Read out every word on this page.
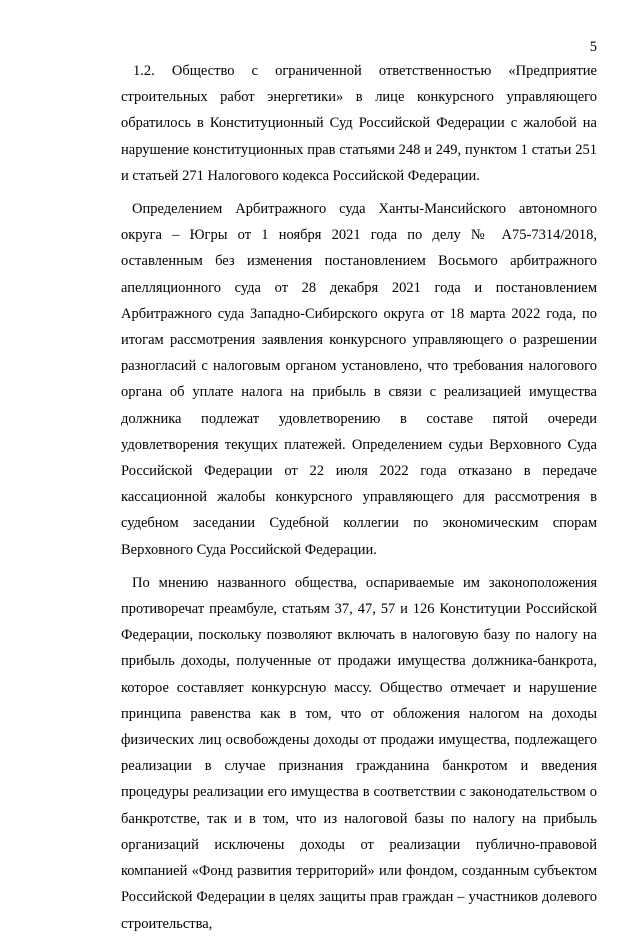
5

1.2. Общество с ограниченной ответственностью «Предприятие строительных работ энергетики» в лице конкурсного управляющего обратилось в Конституционный Суд Российской Федерации с жалобой на нарушение конституционных прав статьями 248 и 249, пунктом 1 статьи 251 и статьей 271 Налогового кодекса Российской Федерации.

Определением Арбитражного суда Ханты-Мансийского автономного округа – Югры от 1 ноября 2021 года по делу № А75-7314/2018, оставленным без изменения постановлением Восьмого арбитражного апелляционного суда от 28 декабря 2021 года и постановлением Арбитражного суда Западно-Сибирского округа от 18 марта 2022 года, по итогам рассмотрения заявления конкурсного управляющего о разрешении разногласий с налоговым органом установлено, что требования налогового органа об уплате налога на прибыль в связи с реализацией имущества должника подлежат удовлетворению в составе пятой очереди удовлетворения текущих платежей. Определением судьи Верховного Суда Российской Федерации от 22 июля 2022 года отказано в передаче кассационной жалобы конкурсного управляющего для рассмотрения в судебном заседании Судебной коллегии по экономическим спорам Верховного Суда Российской Федерации.

По мнению названного общества, оспариваемые им законоположения противоречат преамбуле, статьям 37, 47, 57 и 126 Конституции Российской Федерации, поскольку позволяют включать в налоговую базу по налогу на прибыль доходы, полученные от продажи имущества должника-банкрота, которое составляет конкурсную массу. Общество отмечает и нарушение принципа равенства как в том, что от обложения налогом на доходы физических лиц освобождены доходы от продажи имущества, подлежащего реализации в случае признания гражданина банкротом и введения процедуры реализации его имущества в соответствии с законодательством о банкротстве, так и в том, что из налоговой базы по налогу на прибыль организаций исключены доходы от реализации публично-правовой компанией «Фонд развития территорий» или фондом, созданным субъектом Российской Федерации в целях защиты прав граждан – участников долевого строительства,
